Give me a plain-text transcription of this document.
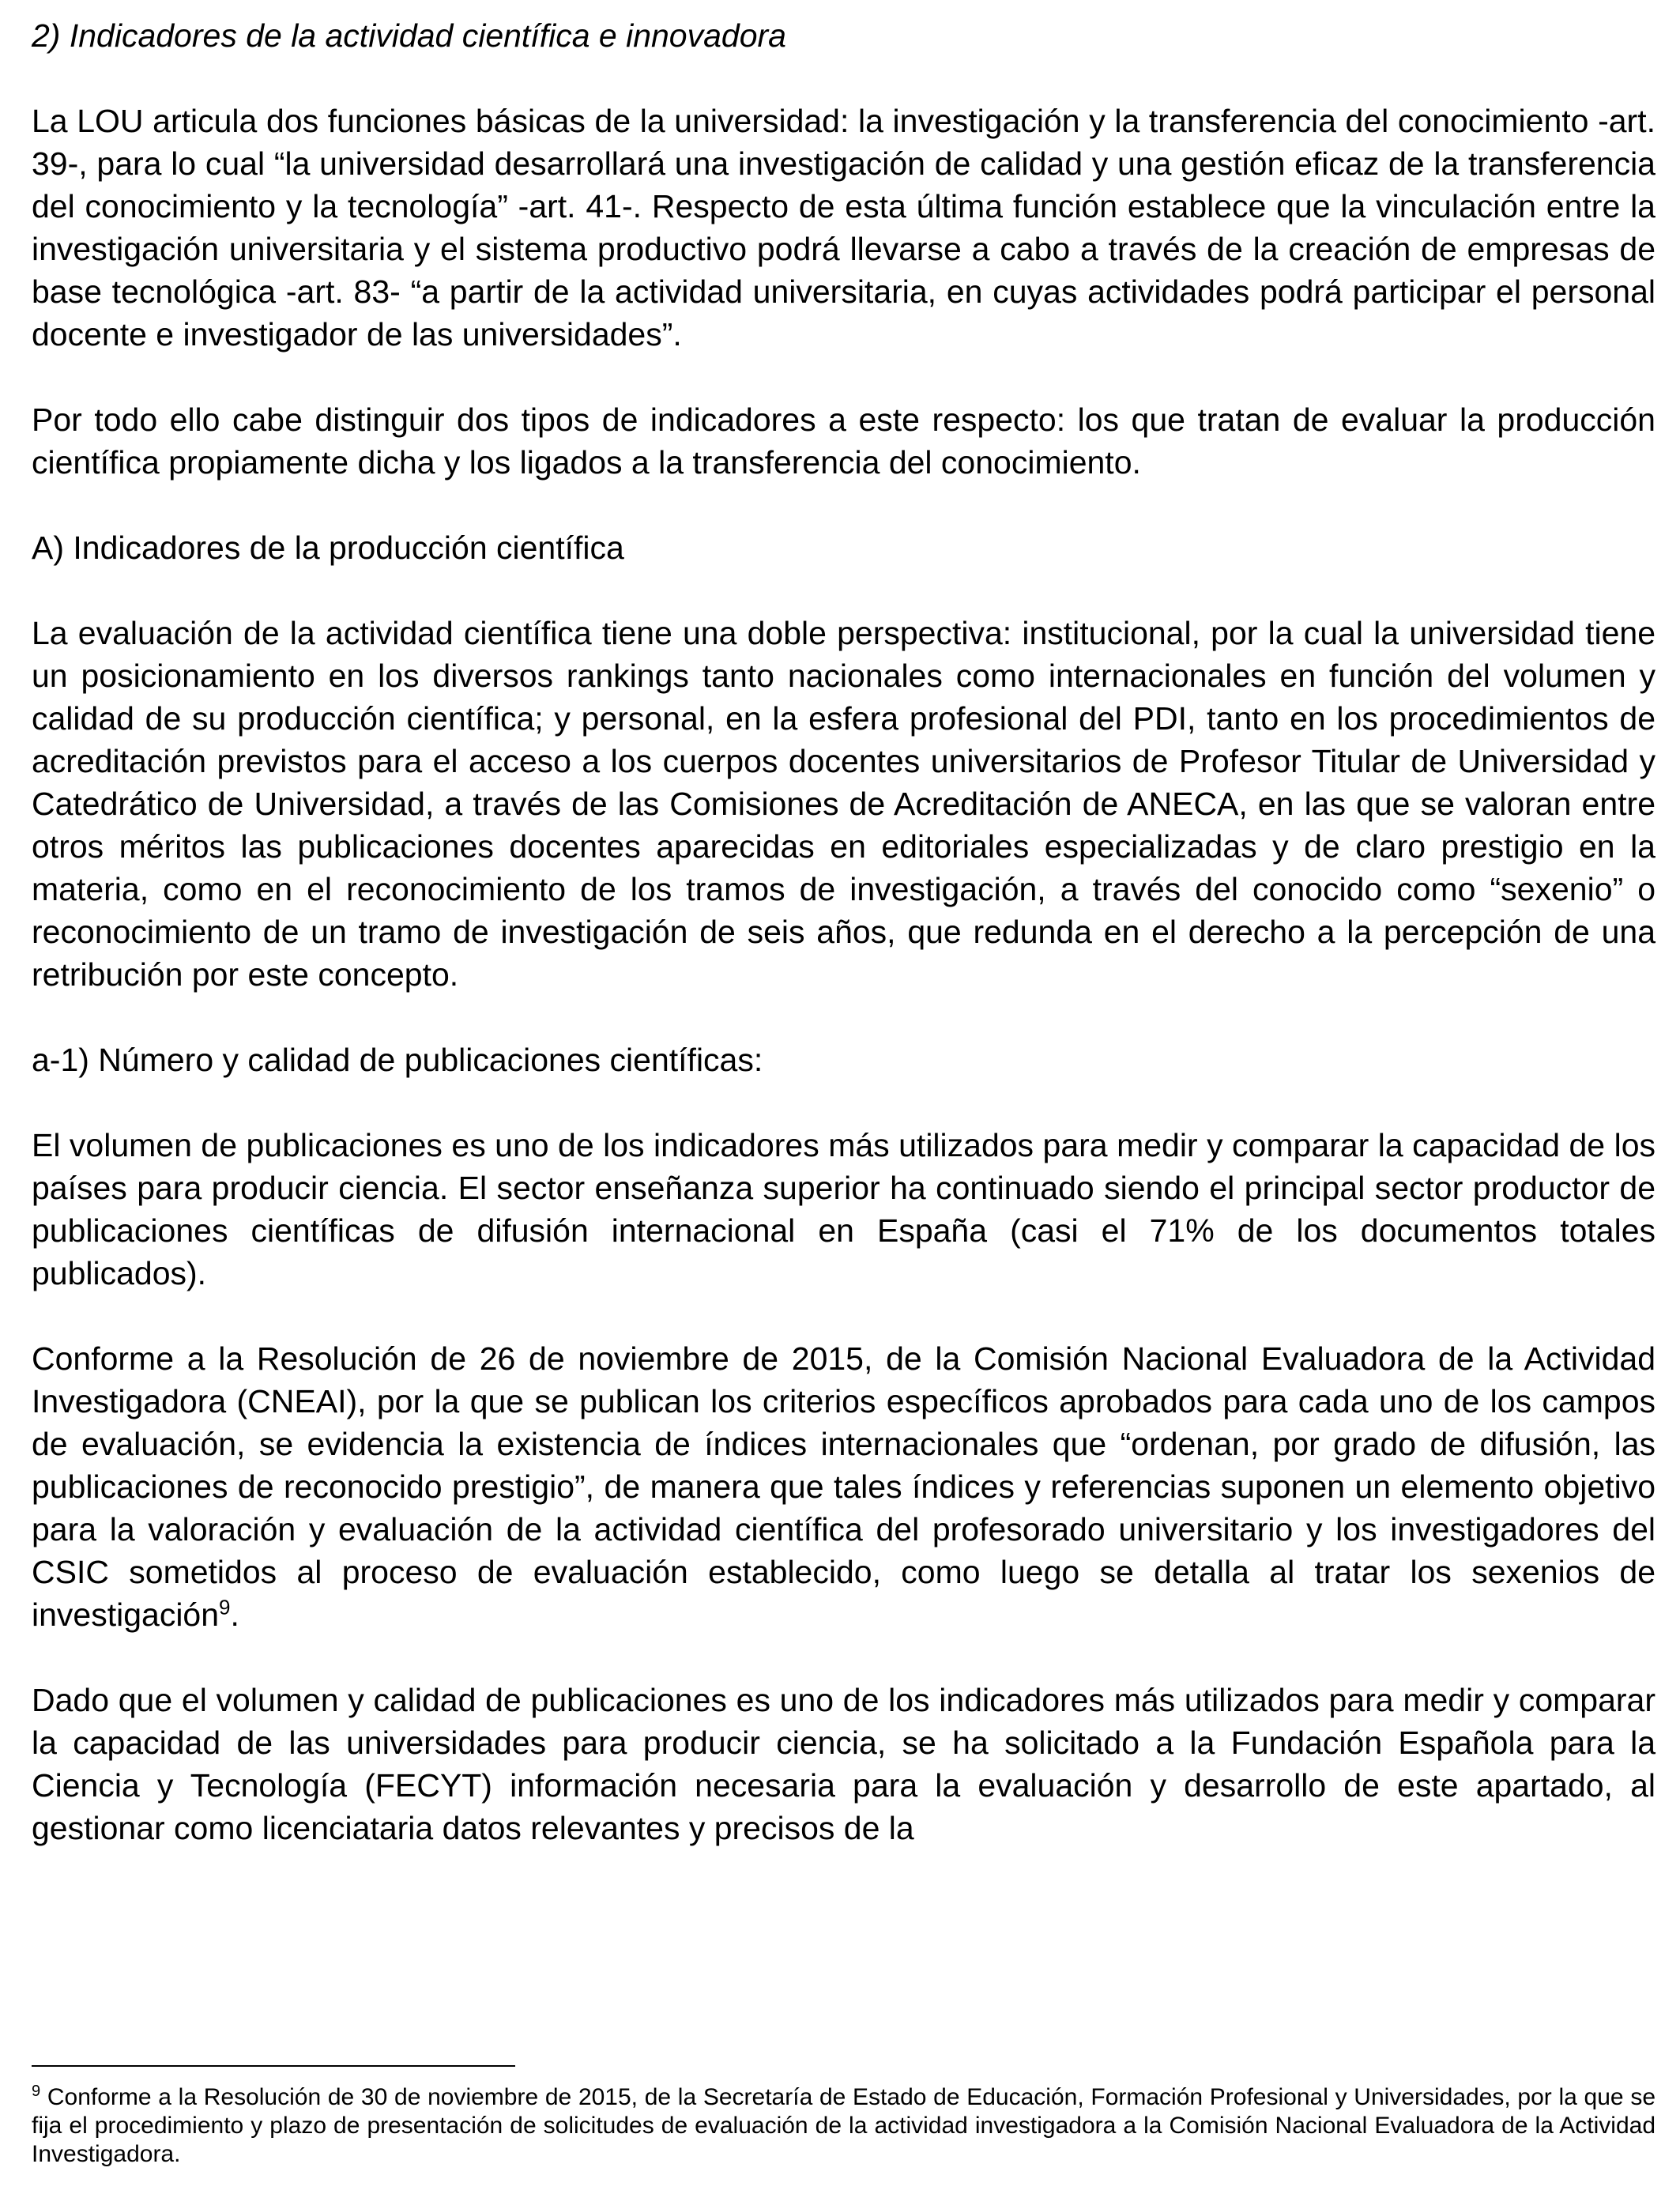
2) Indicadores de la actividad científica e innovadora

La LOU articula dos funciones básicas de la universidad: la investigación y la transferencia del conocimiento -art. 39-, para lo cual “la universidad desarrollará una investigación de calidad y una gestión eficaz de la transferencia del conocimiento y la tecnología” -art. 41-. Respecto de esta última función establece que la vinculación entre la investigación universitaria y el sistema productivo podrá llevarse a cabo a través de la creación de empresas de base tecnológica -art. 83- “a partir de la actividad universitaria, en cuyas actividades podrá participar el personal docente e investigador de las universidades”.

Por todo ello cabe distinguir dos tipos de indicadores a este respecto: los que tratan de evaluar la producción científica propiamente dicha y los ligados a la transferencia del conocimiento.

A) Indicadores de la producción científica

La evaluación de la actividad científica tiene una doble perspectiva: institucional, por la cual la universidad tiene un posicionamiento en los diversos rankings tanto nacionales como internacionales en función del volumen y calidad de su producción científica; y personal, en la esfera profesional del PDI, tanto en los procedimientos de acreditación previstos para el acceso a los cuerpos docentes universitarios de Profesor Titular de Universidad y Catedrático de Universidad, a través de las Comisiones de Acreditación de ANECA, en las que se valoran entre otros méritos las publicaciones docentes aparecidas en editoriales especializadas y de claro prestigio en la materia, como en el reconocimiento de los tramos de investigación, a través del conocido como “sexenio” o reconocimiento de un tramo de investigación de seis años, que redunda en el derecho a la percepción de una retribución por este concepto.

a-1) Número y calidad de publicaciones científicas:

El volumen de publicaciones es uno de los indicadores más utilizados para medir y comparar la capacidad de los países para producir ciencia. El sector enseñanza superior ha continuado siendo el principal sector productor de publicaciones científicas de difusión internacional en España (casi el 71% de los documentos totales publicados).

Conforme a la Resolución de 26 de noviembre de 2015, de la Comisión Nacional Evaluadora de la Actividad Investigadora (CNEAI), por la que se publican los criterios específicos aprobados para cada uno de los campos de evaluación, se evidencia la existencia de índices internacionales que “ordenan, por grado de difusión, las publicaciones de reconocido prestigio”, de manera que tales índices y referencias suponen un elemento objetivo para la valoración y evaluación de la actividad científica del profesorado universitario y los investigadores del CSIC sometidos al proceso de evaluación establecido, como luego se detalla al tratar los sexenios de investigación$^9$.

Dado que el volumen y calidad de publicaciones es uno de los indicadores más utilizados para medir y comparar la capacidad de las universidades para producir ciencia, se ha solicitado a la Fundación Española para la Ciencia y Tecnología (FECYT) información necesaria para la evaluación y desarrollo de este apartado, al gestionar como licenciataria datos relevantes y precisos de la

$^9$ Conforme a la Resolución de 30 de noviembre de 2015, de la Secretaría de Estado de Educación, Formación Profesional y Universidades, por la que se fija el procedimiento y plazo de presentación de solicitudes de evaluación de la actividad investigadora a la Comisión Nacional Evaluadora de la Actividad Investigadora.
